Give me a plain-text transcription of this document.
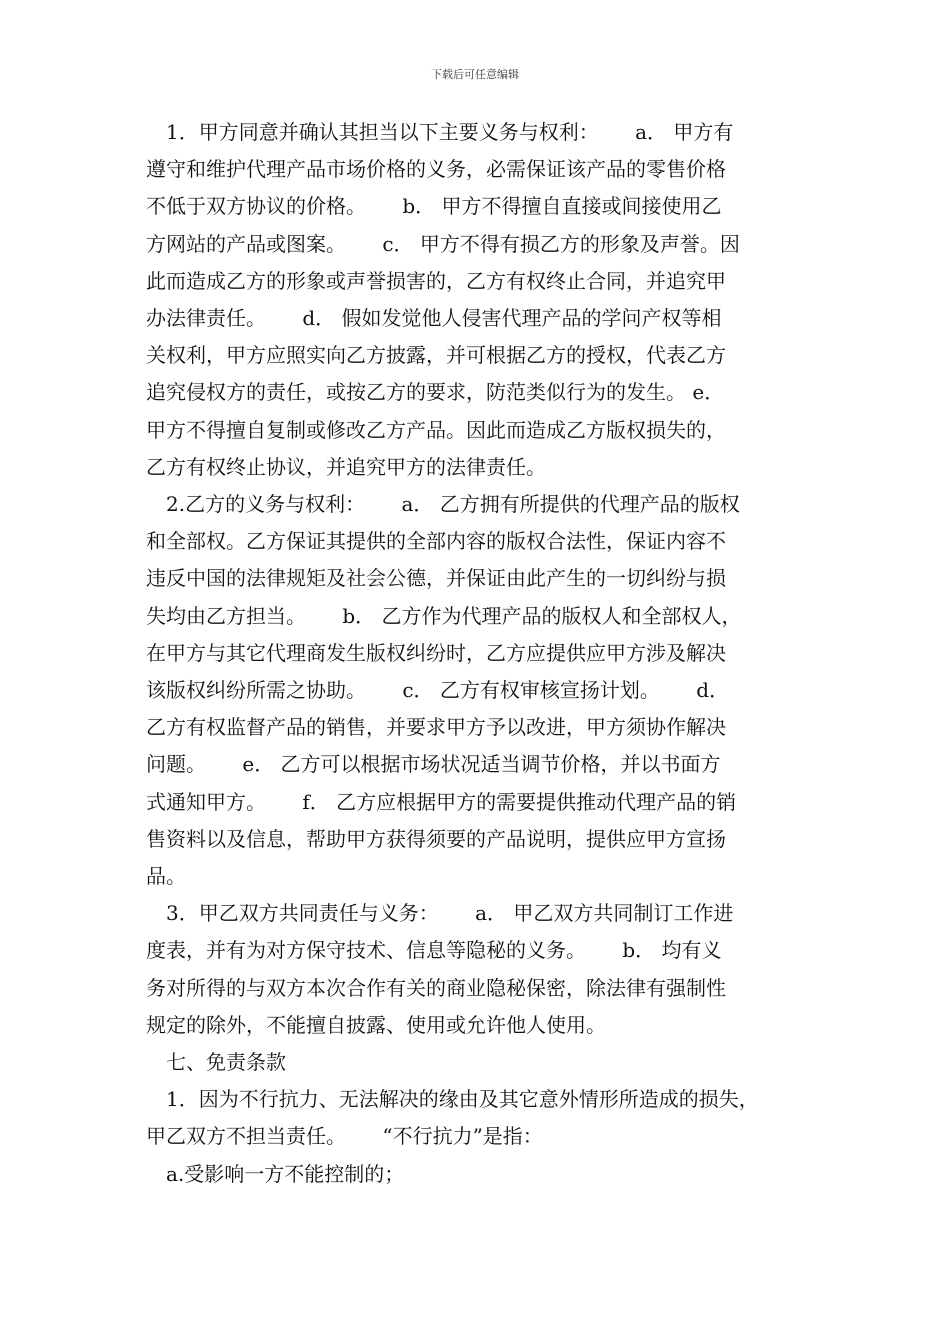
下载后可任意编辑
1．甲方同意并确认其担当以下主要义务与权利：　　 a． 甲方有
遵守和维护代理产品市场价格的义务，必需保证该产品的零售价格
不低于双方协议的价格。　　 b． 甲方不得擅自直接或间接使用乙
方网站的产品或图案。　　 c． 甲方不得有损乙方的形象及声誉。因
此而造成乙方的形象或声誉损害的，乙方有权终止合同，并追究甲
办法律责任。　　 d． 假如发觉他人侵害代理产品的学问产权等相
关权利，甲方应照实向乙方披露，并可根据乙方的授权，代表乙方
追究侵权方的责任，或按乙方的要求，防范类似行为的发生。 e．
甲方不得擅自复制或修改乙方产品。因此而造成乙方版权损失的，
乙方有权终止协议，并追究甲方的法律责任。
2.乙方的义务与权利：　　 a． 乙方拥有所提供的代理产品的版权
和全部权。乙方保证其提供的全部内容的版权合法性，保证内容不
违反中国的法律规矩及社会公德，并保证由此产生的一切纠纷与损
失均由乙方担当。　　 b． 乙方作为代理产品的版权人和全部权人，
在甲方与其它代理商发生版权纠纷时，乙方应提供应甲方涉及解决
该版权纠纷所需之协助。　　 c． 乙方有权审核宣扬计划。　　 d．
乙方有权监督产品的销售，并要求甲方予以改进，甲方须协作解决
问题。　　 e． 乙方可以根据市场状况适当调节价格，并以书面方
式通知甲方。　　 f． 乙方应根据甲方的需要提供推动代理产品的销
售资料以及信息，帮助甲方获得须要的产品说明，提供应甲方宣扬
品。
3．甲乙双方共同责任与义务：　　 a． 甲乙双方共同制订工作进
度表，并有为对方保守技术、信息等隐秘的义务。　　 b． 均有义
务对所得的与双方本次合作有关的商业隐秘保密，除法律有强制性
规定的除外，不能擅自披露、使用或允许他人使用。
七、免责条款
1．因为不行抗力、无法解决的缘由及其它意外情形所造成的损失，
甲乙双方不担当责任。　　 “不行抗力”是指：
a.受影响一方不能控制的；
